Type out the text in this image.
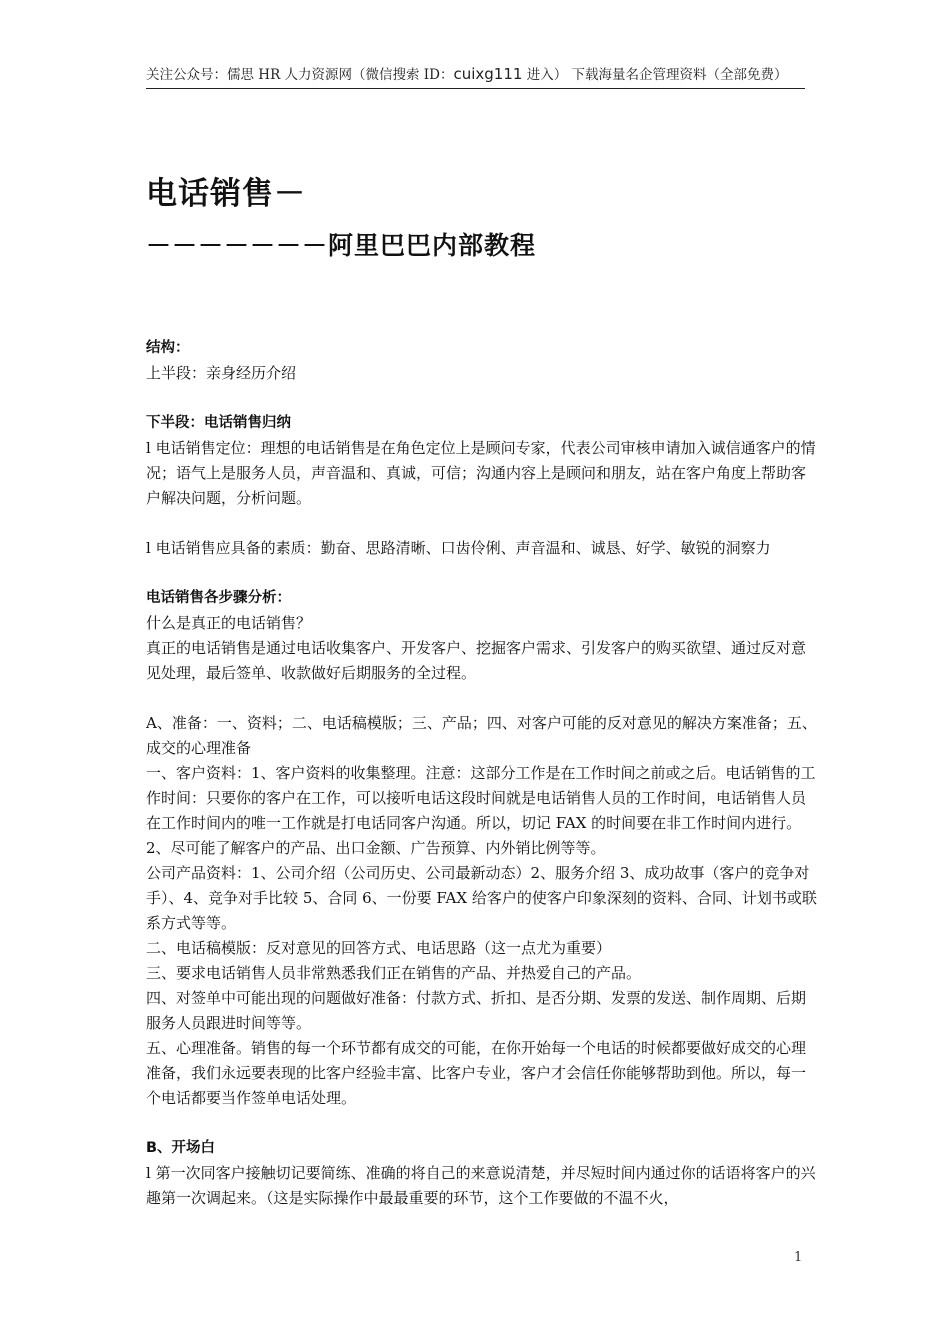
关注公众号：儒思 HR 人力资源网（微信搜索 ID：cuixg111 进入） 下载海量名企管理资料（全部免费）
电话销售－
－－－－－－－阿里巴巴内部教程

结构：

上半段：亲身经历介绍

下半段：电话销售归纳

l 电话销售定位：理想的电话销售是在角色定位上是顾问专家，代表公司审核申请加入诚信通客户的情况；语气上是服务人员，声音温和、真诚，可信；沟通内容上是顾问和朋友，站在客户角度上帮助客户解决问题，分析问题。

l 电话销售应具备的素质：勤奋、思路清晰、口齿伶俐、声音温和、诚恳、好学、敏锐的洞察力

电话销售各步骤分析：

什么是真正的电话销售？

真正的电话销售是通过电话收集客户、开发客户、挖掘客户需求、引发客户的购买欲望、通过反对意见处理，最后签单、收款做好后期服务的全过程。

A、准备：一、资料；二、电话稿模版；三、产品；四、对客户可能的反对意见的解决方案准备；五、成交的心理准备

一、客户资料：1、客户资料的收集整理。注意：这部分工作是在工作时间之前或之后。电话销售的工作时间：只要你的客户在工作，可以接听电话这段时间就是电话销售人员的工作时间，电话销售人员在工作时间内的唯一工作就是打电话同客户沟通。所以，切记 FAX 的时间要在非工作时间内进行。

2、尽可能了解客户的产品、出口金额、广告预算、内外销比例等等。

公司产品资料：1、公司介绍（公司历史、公司最新动态）2、服务介绍 3、成功故事（客户的竞争对手）、4、竞争对手比较 5、合同 6、一份要 FAX 给客户的使客户印象深刻的资料、合同、计划书或联系方式等等。

二、电话稿模版：反对意见的回答方式、电话思路（这一点尤为重要）

三、要求电话销售人员非常熟悉我们正在销售的产品、并热爱自己的产品。

四、对签单中可能出现的问题做好准备：付款方式、折扣、是否分期、发票的发送、制作周期、后期服务人员跟进时间等等。

五、心理准备。销售的每一个环节都有成交的可能，在你开始每一个电话的时候都要做好成交的心理准备，我们永远要表现的比客户经验丰富、比客户专业，客户才会信任你能够帮助到他。所以，每一个电话都要当作签单电话处理。

B、开场白

l 第一次同客户接触切记要简练、准确的将自己的来意说清楚，并尽短时间内通过你的话语将客户的兴趣第一次调起来。（这是实际操作中最最重要的环节，这个工作要做的不温不火，

1
